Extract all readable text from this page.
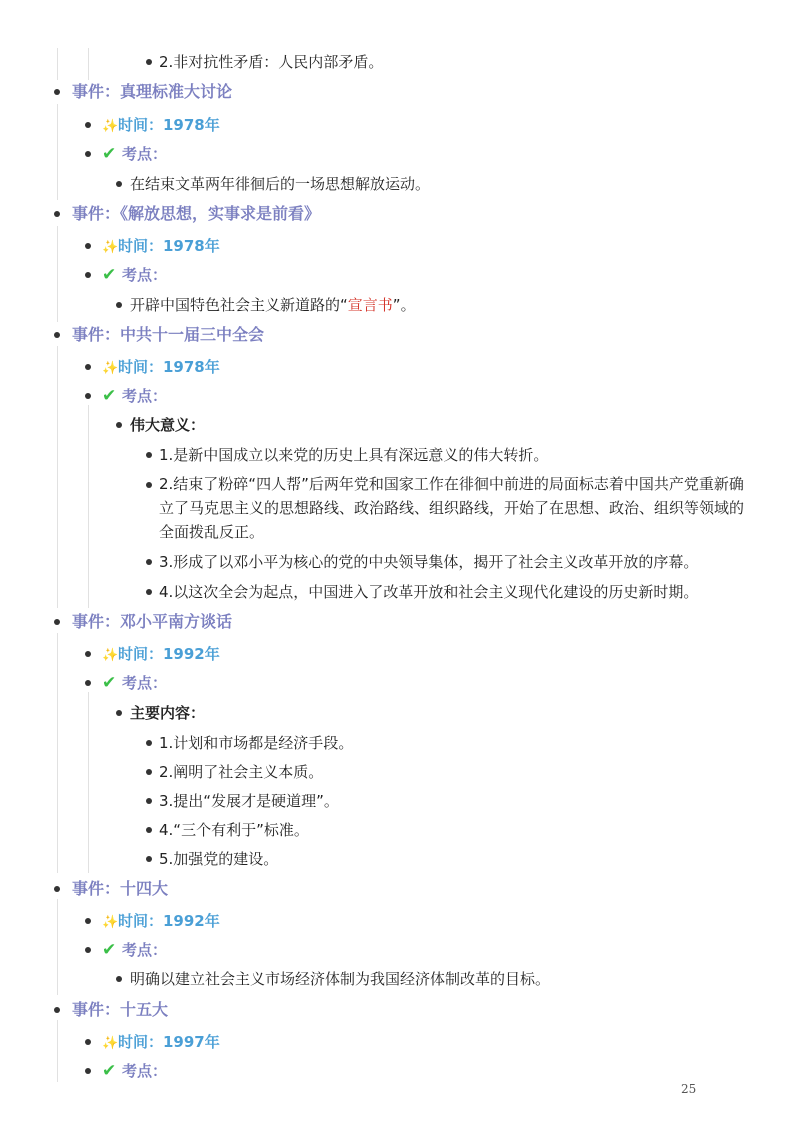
2.非对抗性矛盾：人民内部矛盾。
事件：真理标准大讨论
✨时间：1978年
✔ 考点：
在结束文革两年徘徊后的一场思想解放运动。
事件：《解放思想，实事求是前看》
✨时间：1978年
✔ 考点：
开辟中国特色社会主义新道路的“宣言书”。
事件：中共十一届三中全会
✨时间：1978年
✔ 考点：
伟大意义：
1.是新中国成立以来党的历史上具有深远意义的伟大转折。
2.结束了粉碎“四人帮”后两年党和国家工作在徘徊中前进的局面标志着中国共产党重新确立了马克思主义的思想路线、政治路线、组织路线，开始了在思想、政治、组织等领域的全面拨乱反正。
3.形成了以邓小平为核心的党的中央领导集体，揭开了社会主义改革开放的序幕。
4.以这次全会为起点，中国进入了改革开放和社会主义现代化建设的历史新时期。
事件：邓小平南方谈话
✨时间：1992年
✔ 考点：
主要内容：
1.计划和市场都是经济手段。
2.阐明了社会主义本质。
3.提出“发展才是硬道理”。
4.“三个有利于”标准。
5.加强党的建设。
事件：十四大
✨时间：1992年
✔ 考点：
明确以建立社会主义市场经济体制为我国经济体制改革的目标。
事件：十五大
✨时间：1997年
✔ 考点：
25
